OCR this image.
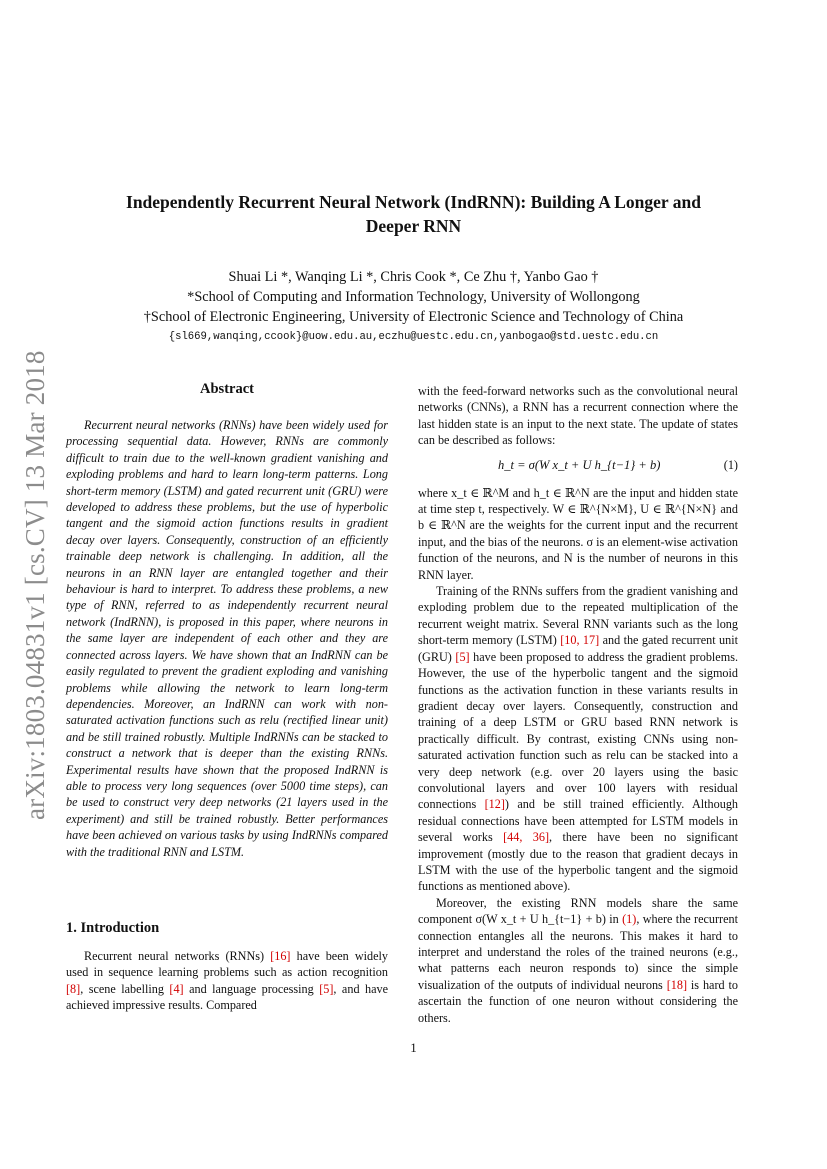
arXiv:1803.04831v1 [cs.CV] 13 Mar 2018
Independently Recurrent Neural Network (IndRNN): Building A Longer and
Deeper RNN
Shuai Li *, Wanqing Li *, Chris Cook *, Ce Zhu †, Yanbo Gao †
*School of Computing and Information Technology, University of Wollongong
†School of Electronic Engineering, University of Electronic Science and Technology of China
{sl669,wanqing,ccook}@uow.edu.au,eczhu@uestc.edu.cn,yanbogao@std.uestc.edu.cn
Abstract
Recurrent neural networks (RNNs) have been widely used for processing sequential data. However, RNNs are commonly difficult to train due to the well-known gradient vanishing and exploding problems and hard to learn long-term patterns. Long short-term memory (LSTM) and gated recurrent unit (GRU) were developed to address these problems, but the use of hyperbolic tangent and the sigmoid action functions results in gradient decay over layers. Consequently, construction of an efficiently trainable deep network is challenging. In addition, all the neurons in an RNN layer are entangled together and their behaviour is hard to interpret. To address these problems, a new type of RNN, referred to as independently recurrent neural network (IndRNN), is proposed in this paper, where neurons in the same layer are independent of each other and they are connected across layers. We have shown that an IndRNN can be easily regulated to prevent the gradient exploding and vanishing problems while allowing the network to learn long-term dependencies. Moreover, an IndRNN can work with non-saturated activation functions such as relu (rectified linear unit) and be still trained robustly. Multiple IndRNNs can be stacked to construct a network that is deeper than the existing RNNs. Experimental results have shown that the proposed IndRNN is able to process very long sequences (over 5000 time steps), can be used to construct very deep networks (21 layers used in the experiment) and still be trained robustly. Better performances have been achieved on various tasks by using IndRNNs compared with the traditional RNN and LSTM.
1. Introduction
Recurrent neural networks (RNNs) [16] have been widely used in sequence learning problems such as action recognition [8], scene labelling [4] and language processing [5], and have achieved impressive results. Compared

with the feed-forward networks such as the convolutional neural networks (CNNs), a RNN has a recurrent connection where the last hidden state is an input to the next state. The update of states can be described as follows:

h_t = σ(W x_t + U h_{t−1} + b)	(1)

where x_t ∈ ℝ^M and h_t ∈ ℝ^N are the input and hidden state at time step t, respectively. W ∈ ℝ^{N×M}, U ∈ ℝ^{N×N} and b ∈ ℝ^N are the weights for the current input and the recurrent input, and the bias of the neurons. σ is an element-wise activation function of the neurons, and N is the number of neurons in this RNN layer.

Training of the RNNs suffers from the gradient vanishing and exploding problem due to the repeated multiplication of the recurrent weight matrix. Several RNN variants such as the long short-term memory (LSTM) [10, 17] and the gated recurrent unit (GRU) [5] have been proposed to address the gradient problems. However, the use of the hyperbolic tangent and the sigmoid functions as the activation function in these variants results in gradient decay over layers. Consequently, construction and training of a deep LSTM or GRU based RNN network is practically difficult. By contrast, existing CNNs using non-saturated activation function such as relu can be stacked into a very deep network (e.g. over 20 layers using the basic convolutional layers and over 100 layers with residual connections [12]) and be still trained efficiently. Although residual connections have been attempted for LSTM models in several works [44, 36], there have been no significant improvement (mostly due to the reason that gradient decays in LSTM with the use of the hyperbolic tangent and the sigmoid functions as mentioned above).

Moreover, the existing RNN models share the same component σ(W x_t + U h_{t−1} + b) in (1), where the recurrent connection entangles all the neurons. This makes it hard to interpret and understand the roles of the trained neurons (e.g., what patterns each neuron responds to) since the simple visualization of the outputs of individual neurons [18] is hard to ascertain the function of one neuron without considering the others.

1
